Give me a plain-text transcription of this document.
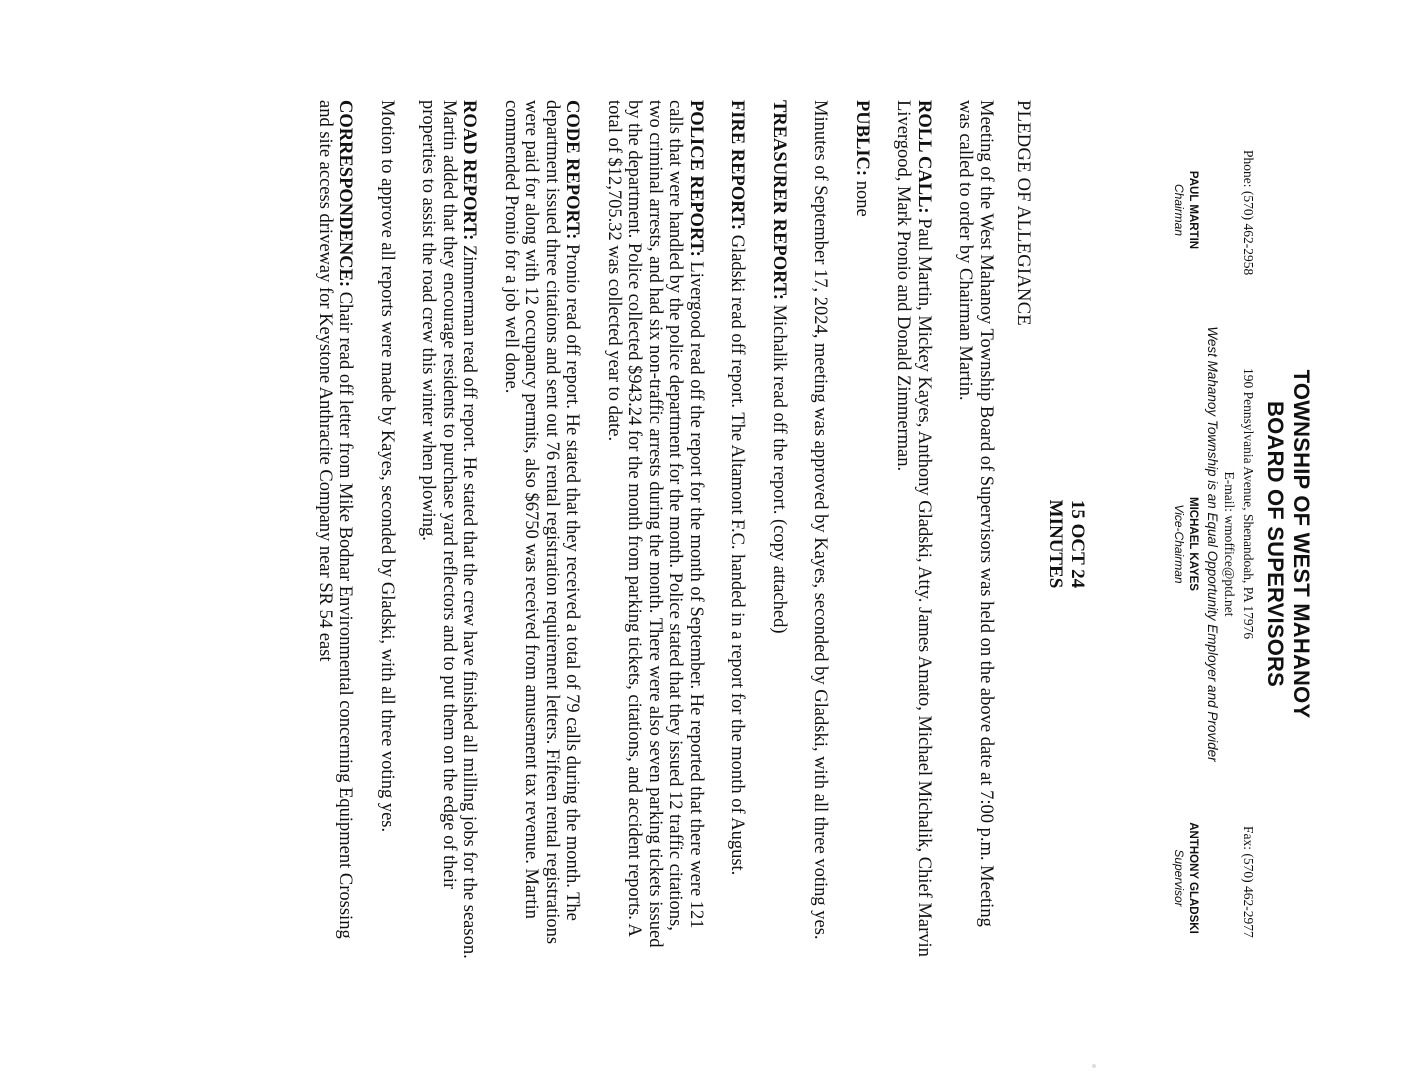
TOWNSHIP OF WEST MAHANOY
BOARD OF SUPERVISORS
Phone: (570) 462-2958
190 Pennsylvania Avenue, Shenandoah, PA 17976
Fax: (570) 462-2977
E-mail: wmoffice@ptd.net
West Mahanoy Township is an Equal Opportunity Employer and Provider
PAUL MARTIN
Chairman
MICHAEL KAYES
Vice-Chairman
ANTHONY GLADSKI
Supervisor
15 OCT 24
MINUTES
PLEDGE OF ALLEGIANCE

Meeting of the West Mahanoy Township Board of Supervisors was held on the above date at 7:00 p.m. Meeting was called to order by Chairman Martin.

ROLL CALL: Paul Martin, Mickey Kayes, Anthony Gladski, Atty. James Amato, Michael Michalik, Chief Marvin Livergood, Mark Pronio and Donald Zimmerman.

PUBLIC: none

Minutes of September 17, 2024, meeting was approved by Kayes, seconded by Gladski, with all three voting yes.

TREASURER REPORT: Michalik read off the report. (copy attached)

FIRE REPORT: Gladski read off report. The Altamont F.C. handed in a report for the month of August.

POLICE REPORT: Livergood read off the report for the month of September. He reported that there were 121 calls that were handled by the police department for the month. Police stated that they issued 12 traffic citations, two criminal arrests, and had six non-traffic arrests during the month. There were also seven parking tickets issued by the department. Police collected $943.24 for the month from parking tickets, citations, and accident reports. A total of $12,705.32 was collected year to date.

CODE REPORT: Pronio read off report. He stated that they received a total of 79 calls during the month. The department issued three citations and sent out 76 rental registration requirement letters. Fifteen rental registrations were paid for along with 12 occupancy permits, also $6750 was received from amusement tax revenue. Martin commended Pronio for a job well done.

ROAD REPORT: Zimmerman read off report. He stated that the crew have finished all milling jobs for the season. Martin added that they encourage residents to purchase yard reflectors and to put them on the edge of their properties to assist the road crew this winter when plowing.

Motion to approve all reports were made by Kayes, seconded by Gladski, with all three voting yes.

CORRESPONDENCE: Chair read off letter from Mike Bodnar Environmental concerning Equipment Crossing and site access driveway for Keystone Anthracite Company near SR 54 east
